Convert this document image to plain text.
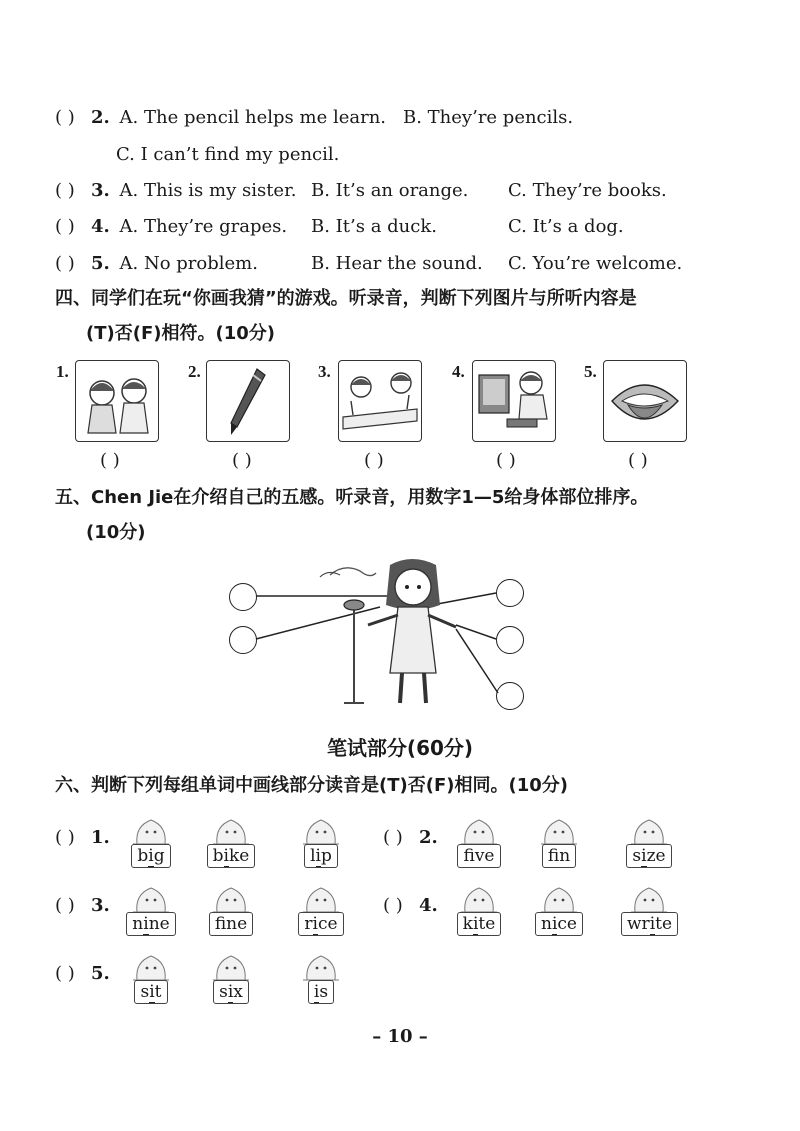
( ) 2. A. The pencil helps me learn. B. They’re pencils.
C. I can’t find my pencil.
( ) 3. A. This is my sister. B. It’s an orange. C. They’re books.
( ) 4. A. They’re grapes. B. It’s a duck.	C. It’s a dog.
( ) 5. A. No problem.	B. Hear the sound. C. You’re welcome.
四、同学们在玩“你画我猜”的游戏。听录音，判断下列图片与所听内容是
(T)否(F)相符。(10分)
1.
( )
2.
( )
3.
( )
4.
( )
5.
( )
五、Chen Jie在介绍自己的五感。听录音，用数字1—5给身体部位排序。
(10分)
笔试部分(60分)
六、判断下列每组单词中画线部分读音是(T)否(F)相同。(10分)
( ) 1.
big	bike	lip
( ) 2.
fve	fn	size
( ) 3.
nine	fne	rice
( ) 4.
kite	nice	write
( ) 5.
sit	six	is
– 10 –
